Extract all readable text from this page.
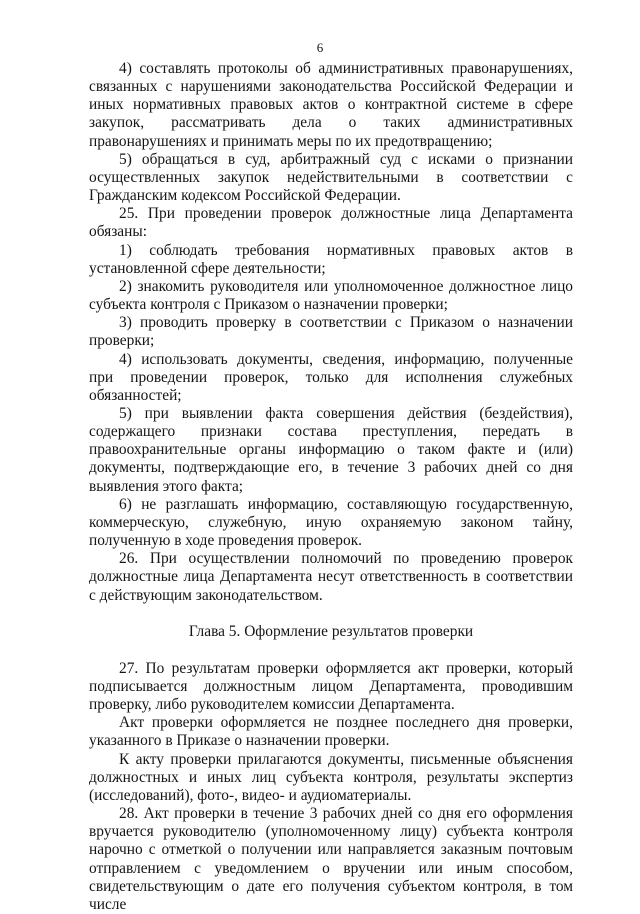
6

4) составлять протоколы об административных правонарушениях, связанных с нарушениями законодательства Российской Федерации и иных нормативных правовых актов о контрактной системе в сфере закупок, рассматривать дела о таких административных правонарушениях и принимать меры по их предотвращению;

5) обращаться в суд, арбитражный суд с исками о признании осуществленных закупок недействительными в соответствии с Гражданским кодексом Российской Федерации.

25. При проведении проверок должностные лица Департамента обязаны:

1) соблюдать требования нормативных правовых актов в установленной сфере деятельности;

2) знакомить руководителя или уполномоченное должностное лицо субъекта контроля с Приказом о назначении проверки;

3) проводить проверку в соответствии с Приказом о назначении проверки;

4) использовать документы, сведения, информацию, полученные при проведении проверок, только для исполнения служебных обязанностей;

5) при выявлении факта совершения действия (бездействия), содержащего признаки состава преступления, передать в правоохранительные органы информацию о таком факте и (или) документы, подтверждающие его, в течение 3 рабочих дней со дня выявления этого факта;

6) не разглашать информацию, составляющую государственную, коммерческую, служебную, иную охраняемую законом тайну, полученную в ходе проведения проверок.

26. При осуществлении полномочий по проведению проверок должностные лица Департамента несут ответственность в соответствии с действующим законодательством.

Глава 5. Оформление результатов проверки

27. По результатам проверки оформляется акт проверки, который подписывается должностным лицом Департамента, проводившим проверку, либо руководителем комиссии Департамента.

Акт проверки оформляется не позднее последнего дня проверки, указанного в Приказе о назначении проверки.

К акту проверки прилагаются документы, письменные объяснения должностных и иных лиц субъекта контроля, результаты экспертиз (исследований), фото-, видео- и аудиоматериалы.

28. Акт проверки в течение 3 рабочих дней со дня его оформления вручается руководителю (уполномоченному лицу) субъекта контроля нарочно с отметкой о получении или направляется заказным почтовым отправлением с уведомлением о вручении или иным способом, свидетельствующим о дате его получения субъектом контроля, в том числе
